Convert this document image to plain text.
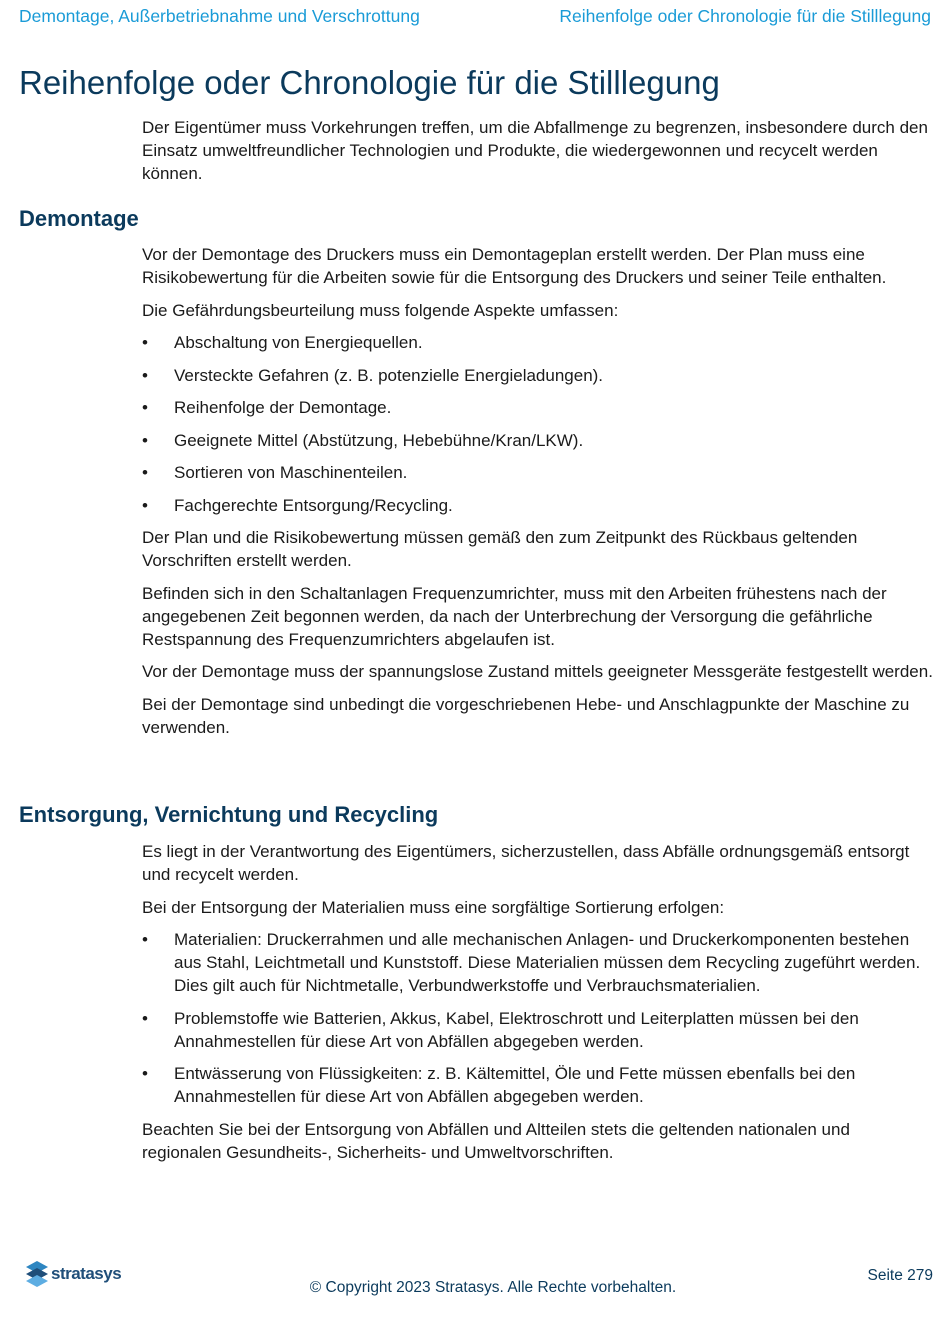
Demontage, Außerbetriebnahme und Verschrottung	Reihenfolge oder Chronologie für die Stilllegung
Reihenfolge oder Chronologie für die Stilllegung

Der Eigentümer muss Vorkehrungen treffen, um die Abfallmenge zu begrenzen, insbesondere durch den Einsatz umweltfreundlicher Technologien und Produkte, die wiedergewonnen und recycelt werden können.

Demontage

Vor der Demontage des Druckers muss ein Demontageplan erstellt werden. Der Plan muss eine Risikobewertung für die Arbeiten sowie für die Entsorgung des Druckers und seiner Teile enthalten.

Die Gefährdungsbeurteilung muss folgende Aspekte umfassen:

• Abschaltung von Energiequellen.
• Versteckte Gefahren (z. B. potenzielle Energieladungen).
• Reihenfolge der Demontage.
• Geeignete Mittel (Abstützung, Hebebühne/Kran/LKW).
• Sortieren von Maschinenteilen.
• Fachgerechte Entsorgung/Recycling.

Der Plan und die Risikobewertung müssen gemäß den zum Zeitpunkt des Rückbaus geltenden Vorschriften erstellt werden.

Befinden sich in den Schaltanlagen Frequenzumrichter, muss mit den Arbeiten frühestens nach der angegebenen Zeit begonnen werden, da nach der Unterbrechung der Versorgung die gefährliche Restspannung des Frequenzumrichters abgelaufen ist.

Vor der Demontage muss der spannungslose Zustand mittels geeigneter Messgeräte festgestellt werden.

Bei der Demontage sind unbedingt die vorgeschriebenen Hebe- und Anschlagpunkte der Maschine zu verwenden.

Entsorgung, Vernichtung und Recycling

Es liegt in der Verantwortung des Eigentümers, sicherzustellen, dass Abfälle ordnungsgemäß entsorgt und recycelt werden.

Bei der Entsorgung der Materialien muss eine sorgfältige Sortierung erfolgen:

• Materialien: Druckerrahmen und alle mechanischen Anlagen- und Druckerkomponenten bestehen aus Stahl, Leichtmetall und Kunststoff. Diese Materialien müssen dem Recycling zugeführt werden. Dies gilt auch für Nichtmetalle, Verbundwerkstoffe und Verbrauchsmaterialien.
• Problemstoffe wie Batterien, Akkus, Kabel, Elektroschrott und Leiterplatten müssen bei den Annahmestellen für diese Art von Abfällen abgegeben werden.
• Entwässerung von Flüssigkeiten: z. B. Kältemittel, Öle und Fette müssen ebenfalls bei den Annahmestellen für diese Art von Abfällen abgegeben werden.

Beachten Sie bei der Entsorgung von Abfällen und Altteilen stets die geltenden nationalen und regionalen Gesundheits-, Sicherheits- und Umweltvorschriften.

stratasys	Seite 279
© Copyright 2023 Stratasys. Alle Rechte vorbehalten.
